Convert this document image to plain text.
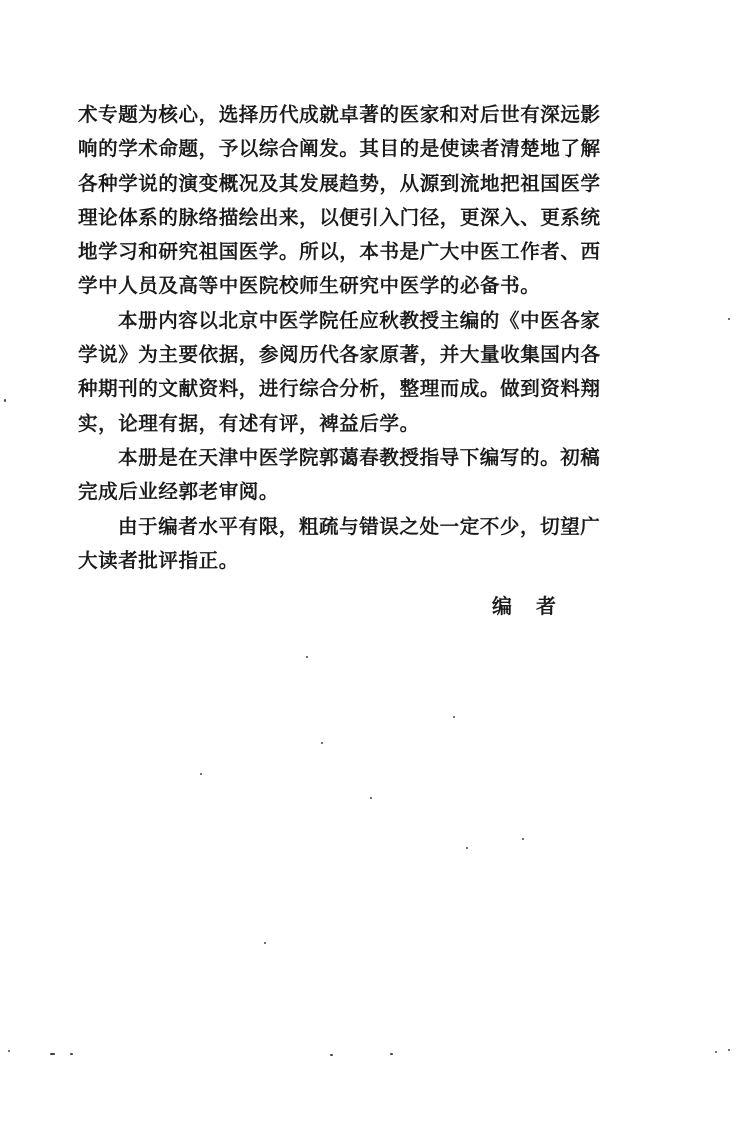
术专题为核心，选择历代成就卓著的医家和对后世有深远影
响的学术命题，予以综合阐发。其目的是使读者清楚地了解
各种学说的演变概况及其发展趋势，从源到流地把祖国医学
理论体系的脉络描绘出来，以便引入门径，更深入、更系统
地学习和研究祖国医学。所以，本书是广大中医工作者、西
学中人员及高等中医院校师生研究中医学的必备书。
本册内容以北京中医学院任应秋教授主编的《中医各家
学说》为主要依据，参阅历代各家原著，并大量收集国内各
种期刊的文献资料，进行综合分析，整理而成。做到资料翔
实，论理有据，有述有评，裨益后学。
本册是在天津中医学院郭蔼春教授指导下编写的。初稿
完成后业经郭老审阅。
由于编者水平有限，粗疏与错误之处一定不少，切望广
大读者批评指正。
编者
